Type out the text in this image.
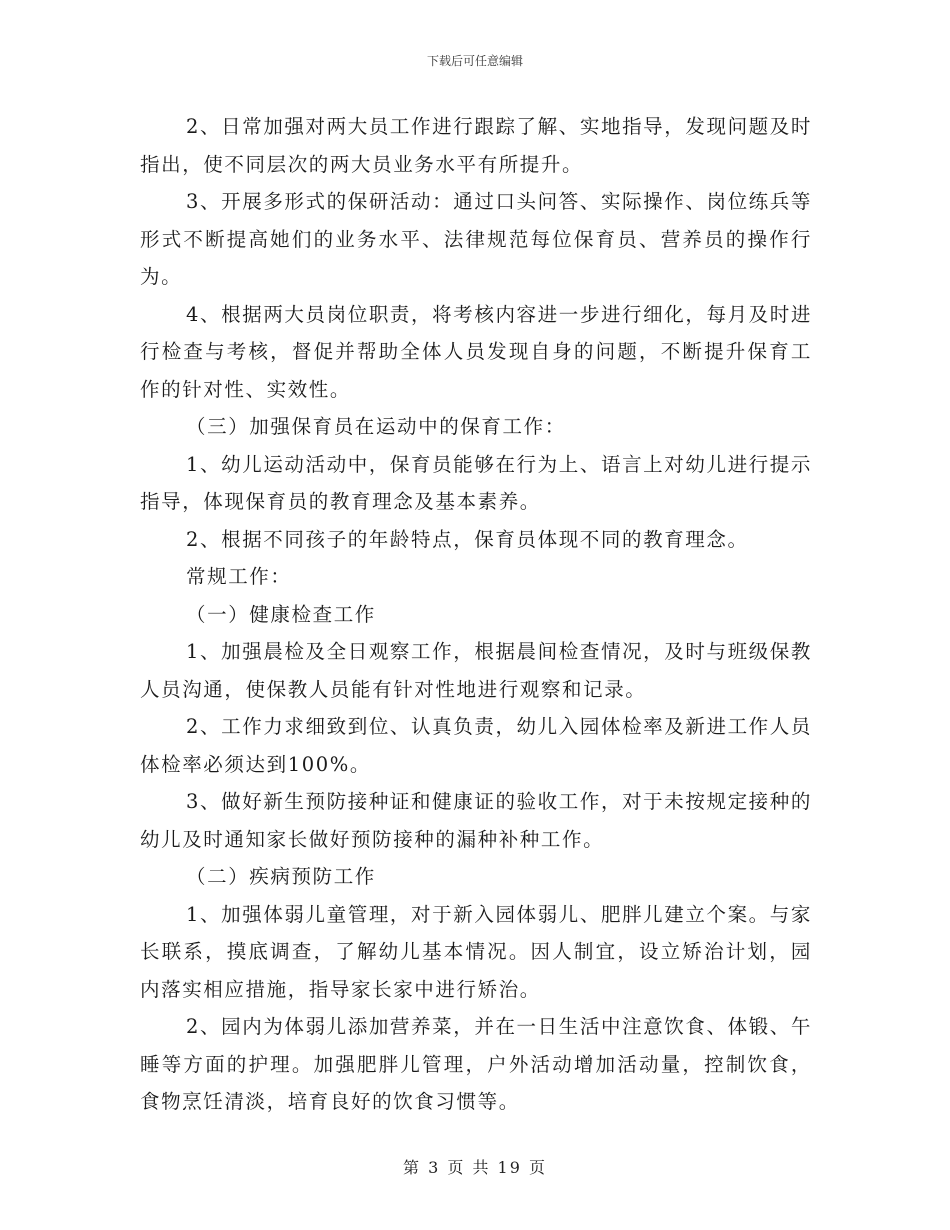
下载后可任意编辑

2、日常加强对两大员工作进行跟踪了解、实地指导，发现问题及时指出，使不同层次的两大员业务水平有所提升。

3、开展多形式的保研活动：通过口头问答、实际操作、岗位练兵等形式不断提高她们的业务水平、法律规范每位保育员、营养员的操作行为。

4、根据两大员岗位职责，将考核内容进一步进行细化，每月及时进行检查与考核，督促并帮助全体人员发现自身的问题，不断提升保育工作的针对性、实效性。

（三）加强保育员在运动中的保育工作：

1、幼儿运动活动中，保育员能够在行为上、语言上对幼儿进行提示指导，体现保育员的教育理念及基本素养。

2、根据不同孩子的年龄特点，保育员体现不同的教育理念。

常规工作：

（一）健康检查工作

1、加强晨检及全日观察工作，根据晨间检查情况，及时与班级保教人员沟通，使保教人员能有针对性地进行观察和记录。

2、工作力求细致到位、认真负责，幼儿入园体检率及新进工作人员体检率必须达到100%。

3、做好新生预防接种证和健康证的验收工作，对于未按规定接种的幼儿及时通知家长做好预防接种的漏种补种工作。

（二）疾病预防工作

1、加强体弱儿童管理，对于新入园体弱儿、肥胖儿建立个案。与家长联系，摸底调查，了解幼儿基本情况。因人制宜，设立矫治计划，园内落实相应措施，指导家长家中进行矫治。

2、园内为体弱儿添加营养菜，并在一日生活中注意饮食、体锻、午睡等方面的护理。加强肥胖儿管理，户外活动增加活动量，控制饮食，食物烹饪清淡，培育良好的饮食习惯等。

第 3 页 共 19 页
